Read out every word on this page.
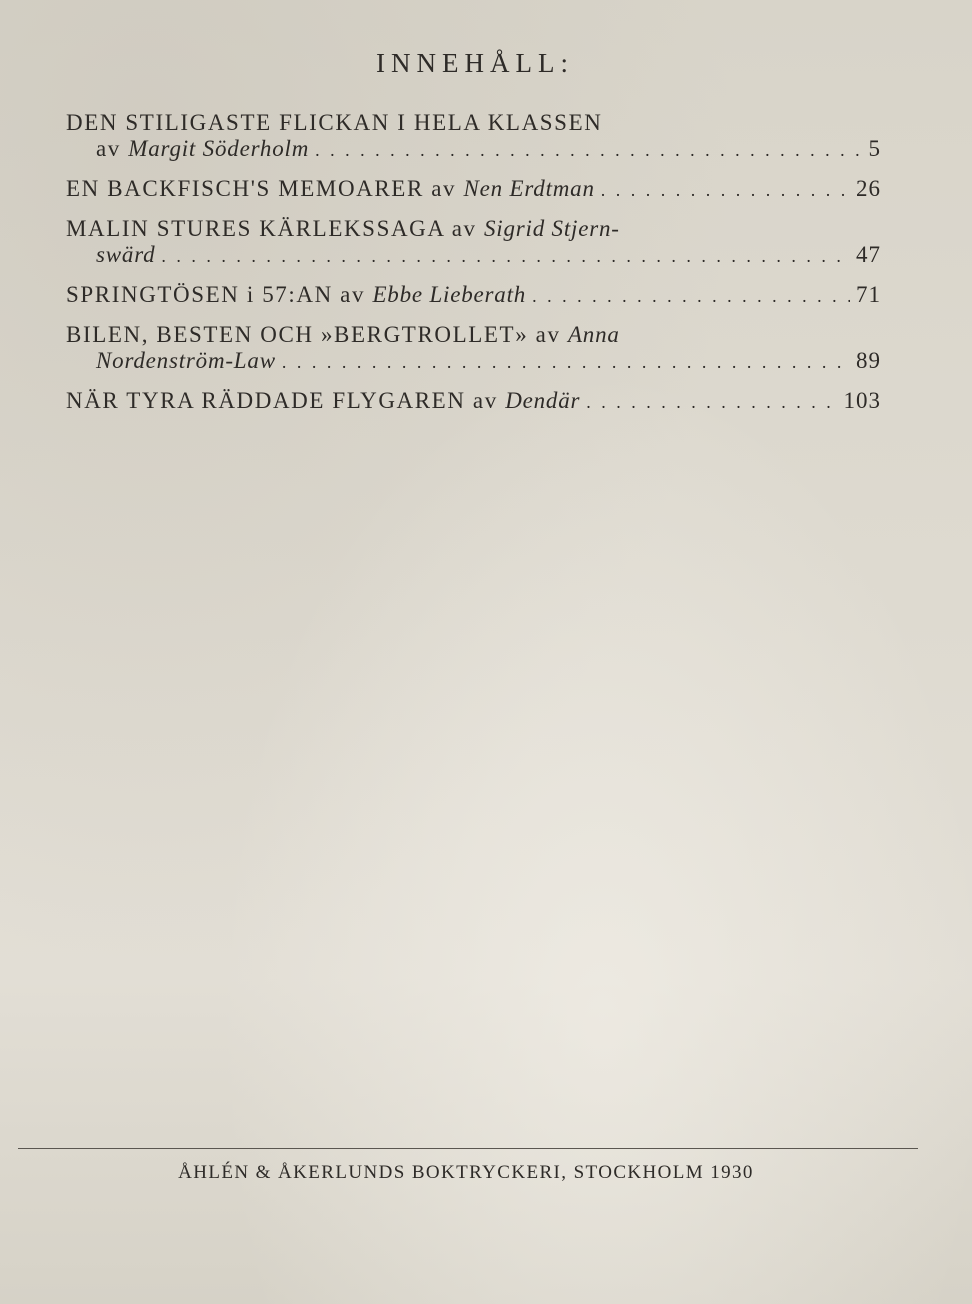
INNEHÅLL:
DEN STILIGASTE FLICKAN I HELA KLASSEN
av Margit Söderholm . . .	5
EN BACKFISCH'S MEMOARER av Nen Erdtman . . .	26
MALIN STURES KÄRLEKSSAGA av Sigrid Stjern-
swärd . . .	47
SPRINGTÖSEN i 57:AN av Ebbe Lieberath . . .	71
BILEN, BESTEN OCH »BERGTROLLET» av Anna
Nordenström-Law . . .	89
NÄR TYRA RÄDDADE FLYGAREN av Dendär . . .	103
ÅHLÉN & ÅKERLUNDS BOKTRYCKERI, STOCKHOLM 1930
